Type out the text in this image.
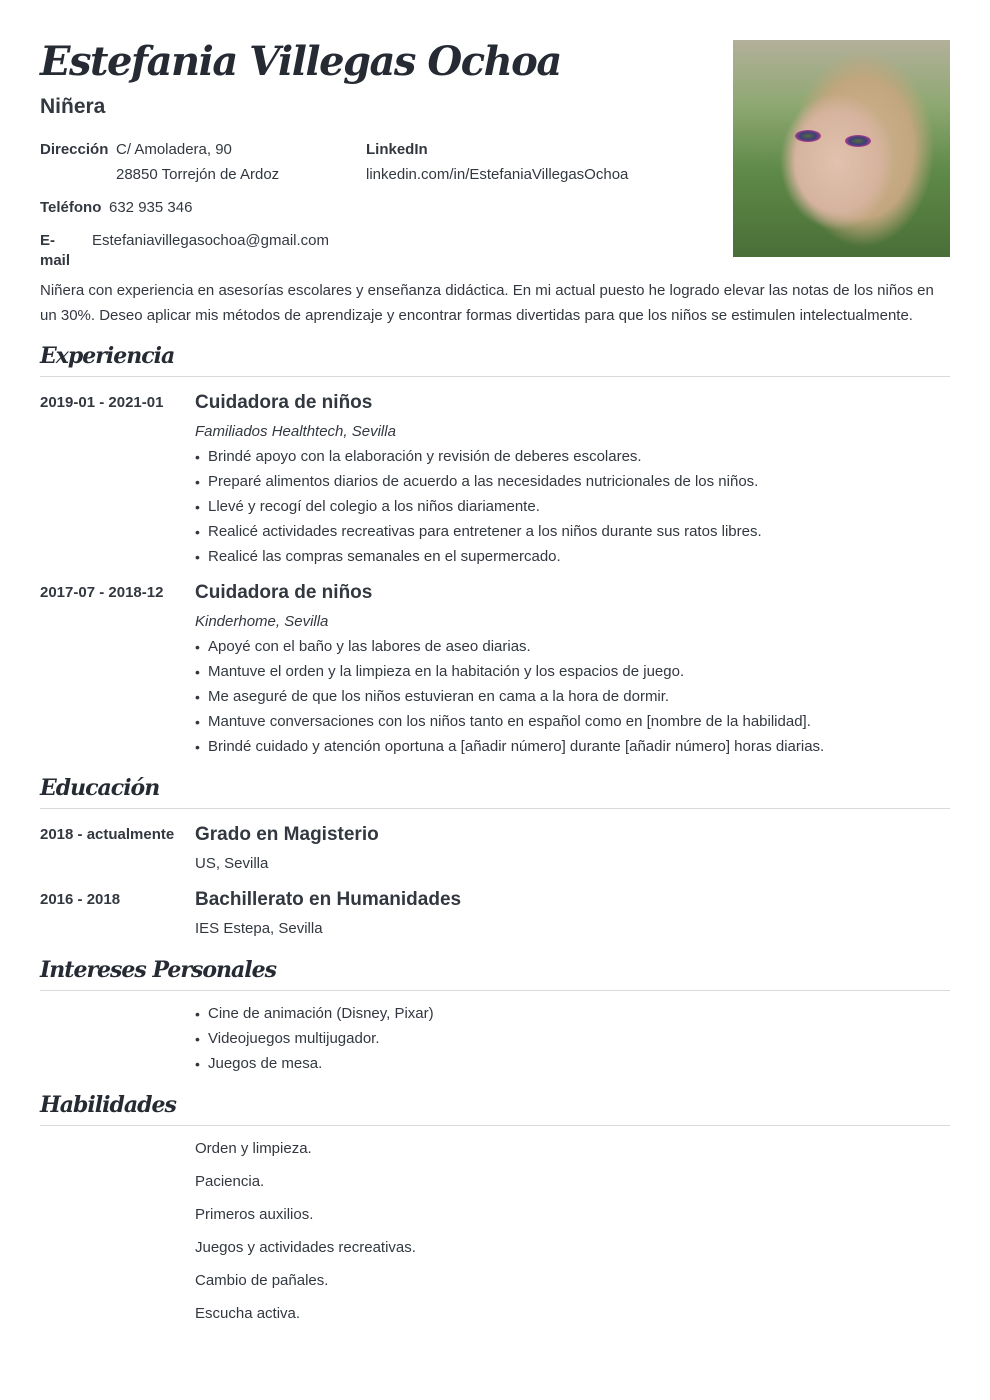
Estefania Villegas Ochoa
Niñera
Dirección C/ Amoladera, 90
28850 Torrejón de Ardoz
LinkedIn
linkedin.com/in/EstefaniaVillegasOchoa
Teléfono 632 935 346
E-mail
Estefaniavillegasochoa@gmail.com

Niñera con experiencia en asesorías escolares y enseñanza didáctica. En mi actual puesto he logrado elevar las notas de los niños en un 30%. Deseo aplicar mis métodos de aprendizaje y encontrar formas divertidas para que los niños se estimulen intelectualmente.

Experiencia
2019-01 - 2021-01 Cuidadora de niños
Familiados Healthtech, Sevilla
• Brindé apoyo con la elaboración y revisión de deberes escolares.
• Preparé alimentos diarios de acuerdo a las necesidades nutricionales de los niños.
• Llevé y recogí del colegio a los niños diariamente.
• Realicé actividades recreativas para entretener a los niños durante sus ratos libres.
• Realicé las compras semanales en el supermercado.
2017-07 - 2018-12 Cuidadora de niños
Kinderhome, Sevilla
• Apoyé con el baño y las labores de aseo diarias.
• Mantuve el orden y la limpieza en la habitación y los espacios de juego.
• Me aseguré de que los niños estuvieran en cama a la hora de dormir.
• Mantuve conversaciones con los niños tanto en español como en [nombre de la habilidad].
• Brindé cuidado y atención oportuna a [añadir número] durante [añadir número] horas diarias.
Educación
2018 - actualmente Grado en Magisterio
US, Sevilla
2016 - 2018	Bachillerato en Humanidades
IES Estepa, Sevilla
Intereses Personales
• Cine de animación (Disney, Pixar)
• Videojuegos multijugador.
• Juegos de mesa.
Habilidades
Orden y limpieza.
Paciencia.
Primeros auxilios.
Juegos y actividades recreativas.
Cambio de pañales.
Escucha activa.
